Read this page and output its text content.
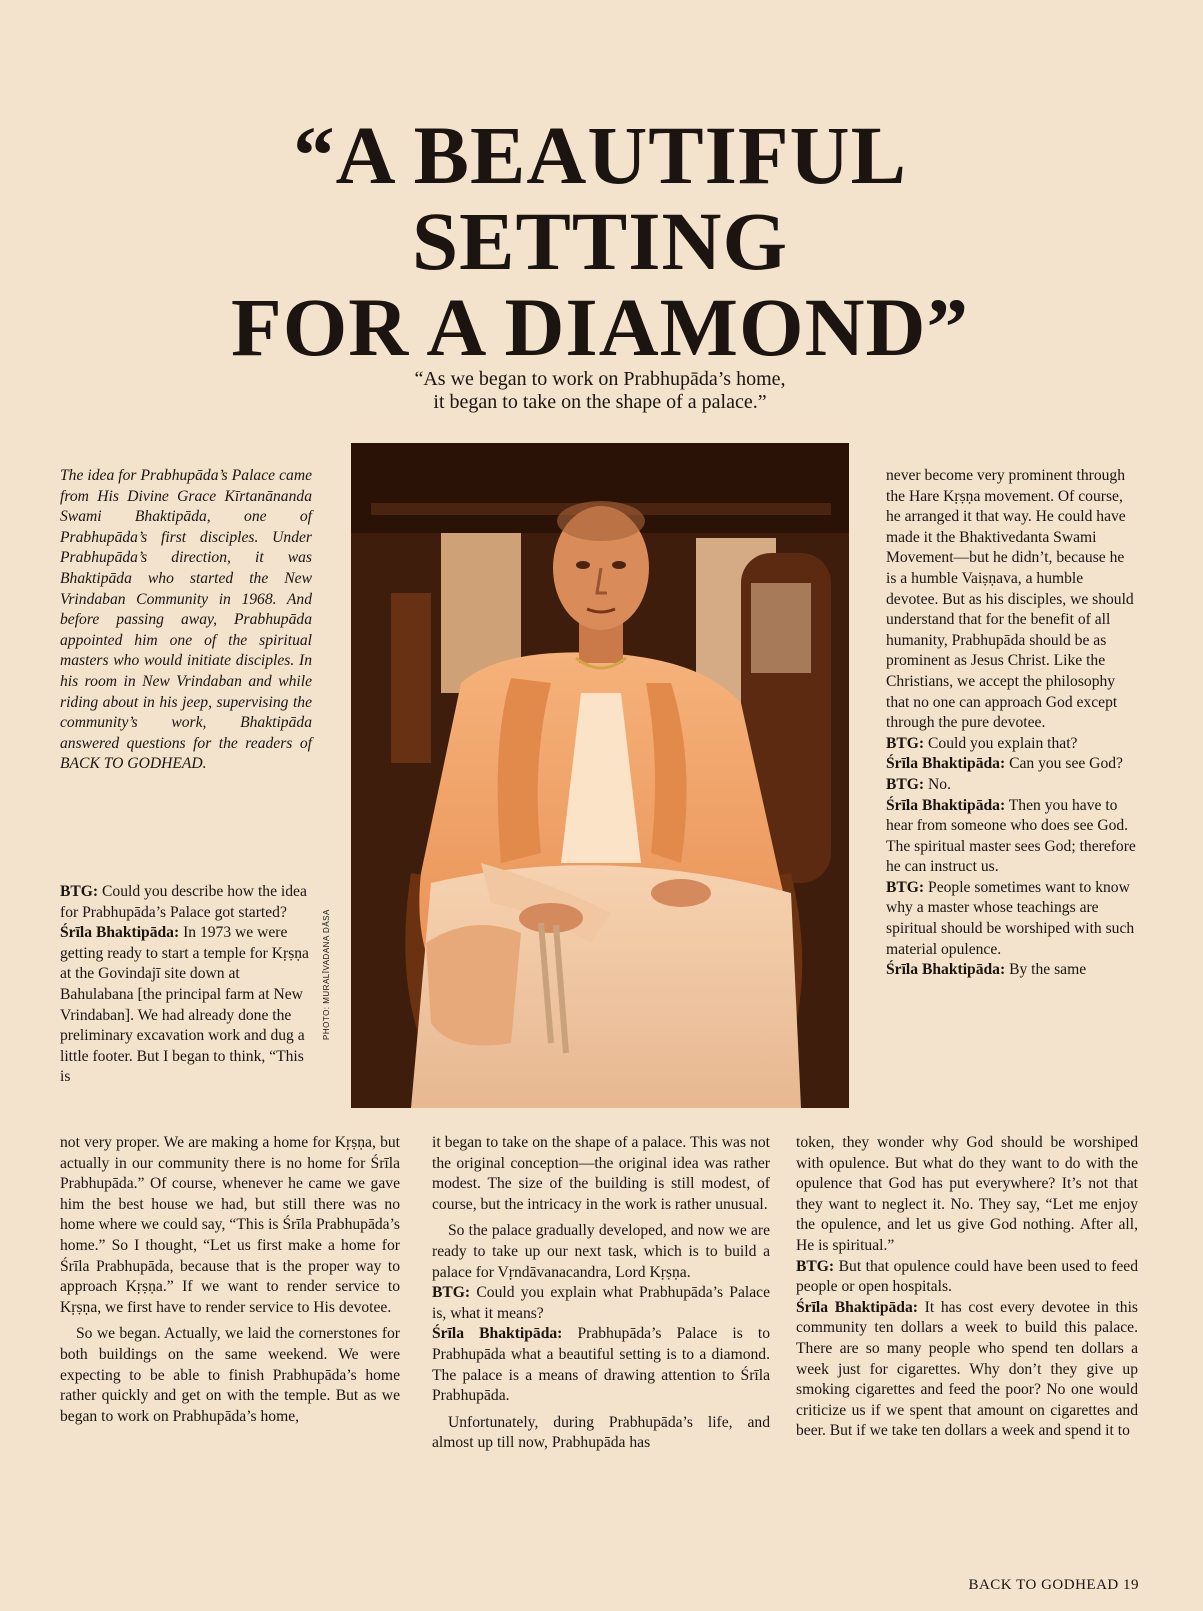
“A BEAUTIFUL
SETTING
FOR A DIAMOND”
“As we began to work on Prabhupāda’s home,
it began to take on the shape of a palace.”

The idea for Prabhupāda’s Palace came from His Divine Grace Kīrtanānanda Swami Bhaktipāda, one of Prabhupāda’s first disciples. Under Prabhupāda’s direction, it was Bhaktipāda who started the New Vrindaban Community in 1968. And before passing away, Prabhupāda appointed him one of the spiritual masters who would initiate disciples. In his room in New Vrindaban and while riding about in his jeep, supervising the community’s work, Bhaktipāda answered questions for the readers of BACK TO GODHEAD.

BTG: Could you describe how the idea for Prabhupāda’s Palace got started?

Śrīla Bhaktipāda: In 1973 we were getting ready to start a temple for Kṛṣṇa at the Govindajī site down at Bahulabana [the principal farm at New Vrindaban]. We had already done the preliminary excavation work and dug a little footer. But I began to think, “This is

PHOTO: MURALĪVADANA DĀSA

not very proper. We are making a home for Kṛṣṇa, but actually in our community there is no home for Śrīla Prabhupāda.” Of course, whenever he came we gave him the best house we had, but still there was no home where we could say, “This is Śrīla Prabhupāda’s home.” So I thought, “Let us first make a home for Śrīla Prabhupāda, because that is the proper way to approach Kṛṣṇa.” If we want to render service to Kṛṣṇa, we first have to render service to His devotee.

So we began. Actually, we laid the cornerstones for both buildings on the same weekend. We were expecting to be able to finish Prabhupāda’s home rather quickly and get on with the temple. But as we began to work on Prabhupāda’s home,

it began to take on the shape of a palace. This was not the original conception—the original idea was rather modest. The size of the building is still modest, of course, but the intricacy in the work is rather unusual.

So the palace gradually developed, and now we are ready to take up our next task, which is to build a palace for Vṛndāvanacandra, Lord Kṛṣṇa.

BTG: Could you explain what Prabhupāda’s Palace is, what it means?

Śrīla Bhaktipāda: Prabhupāda’s Palace is to Prabhupāda what a beautiful setting is to a diamond. The palace is a means of drawing attention to Śrīla Prabhupāda.

Unfortunately, during Prabhupāda’s life, and almost up till now, Prabhupāda has

never become very prominent through the Hare Kṛṣṇa movement. Of course, he arranged it that way. He could have made it the Bhaktivedanta Swami Movement—but he didn’t, because he is a humble Vaiṣṇava, a humble devotee. But as his disciples, we should understand that for the benefit of all humanity, Prabhupāda should be as prominent as Jesus Christ. Like the Christians, we accept the philosophy that no one can approach God except through the pure devotee.

BTG: Could you explain that?

Śrīla Bhaktipāda: Can you see God?

BTG: No.

Śrīla Bhaktipāda: Then you have to hear from someone who does see God. The spiritual master sees God; therefore he can instruct us.

BTG: People sometimes want to know why a master whose teachings are spiritual should be worshiped with such material opulence.

Śrīla Bhaktipāda: By the same

token, they wonder why God should be worshiped with opulence. But what do they want to do with the opulence that God has put everywhere? It’s not that they want to neglect it. No. They say, “Let me enjoy the opulence, and let us give God nothing. After all, He is spiritual.”

BTG: But that opulence could have been used to feed people or open hospitals.

Śrīla Bhaktipāda: It has cost every devotee in this community ten dollars a week to build this palace. There are so many people who spend ten dollars a week just for cigarettes. Why don’t they give up smoking cigarettes and feed the poor? No one would criticize us if we spent that amount on cigarettes and beer. But if we take ten dollars a week and spend it to

BACK TO GODHEAD 19
